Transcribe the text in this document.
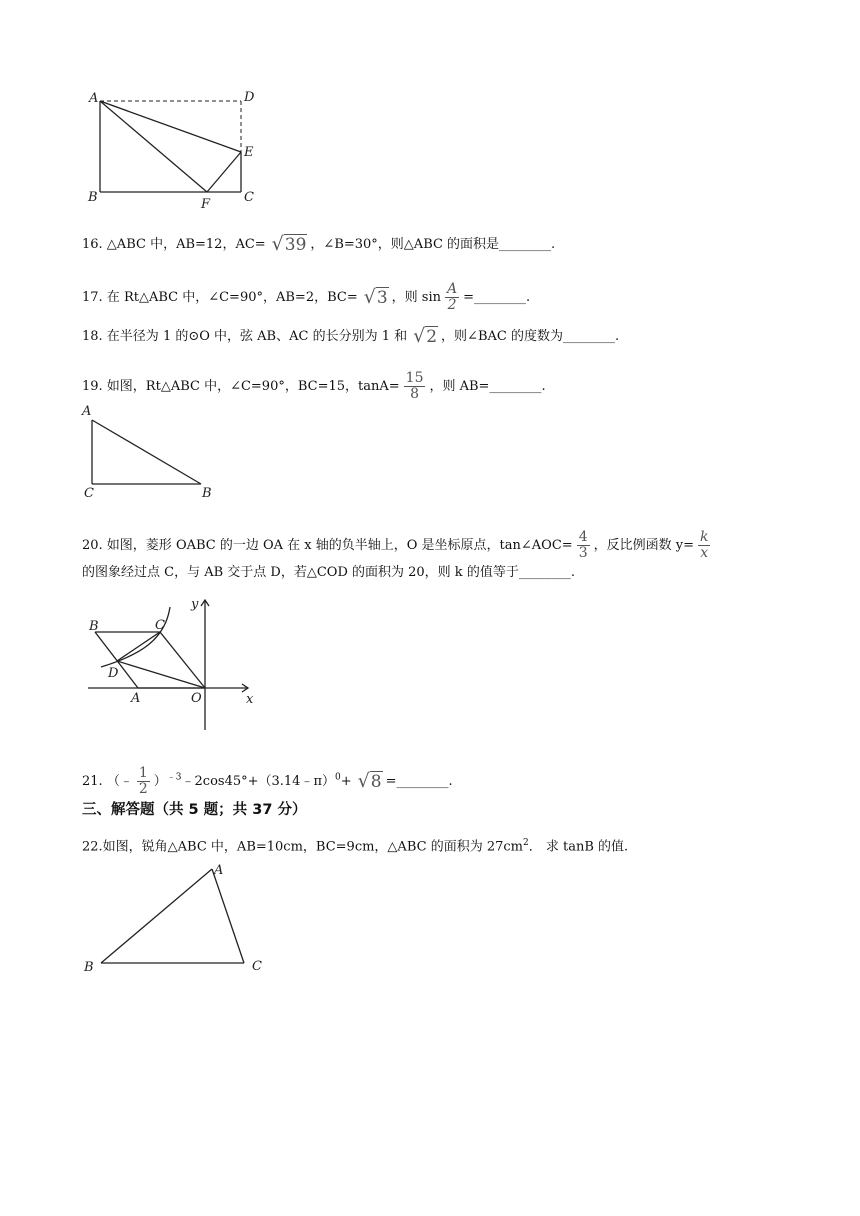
A	D
E
B	F	C
16. △ABC 中，AB=12，AC= √39 ，∠B=30°，则△ABC 的面积是________.
17. 在 Rt△ABC 中，∠C=90°，AB=2，BC= √3 ，则 $\sin \frac{A}{2}$ =________.
18. 在半径为 1 的⊙O 中，弦 AB、AC 的长分别为 1 和 √2 ，则∠BAC 的度数为________.
19. 如图，Rt△ABC 中，∠C=90°，BC=15，$\tan A= \frac{15}{8}$ ，则 AB=________.
A
C	B
20. 如图，菱形 OABC 的一边 OA 在 x 轴的负半轴上，O 是坐标原点，tan∠AOC= $\frac{4}{3}$ ，反比例函数 $y= \frac{k}{x}$
的图象经过点 C，与 AB 交于点 D，若△COD 的面积为 20，则 k 的值等于________.
y
B	C
D
A	O	x
21. （﹣ $\frac{1}{2}$ ）$^{﹣3}$﹣2cos45°+（3.14﹣π）$^0$+ √8 =________.
三、解答题（共 5 题；共 37 分）
22.如图，锐角△ABC 中，AB=10cm，BC=9cm，△ABC 的面积为 $27cm^2$． 求 tanB 的值.
A
B	C
